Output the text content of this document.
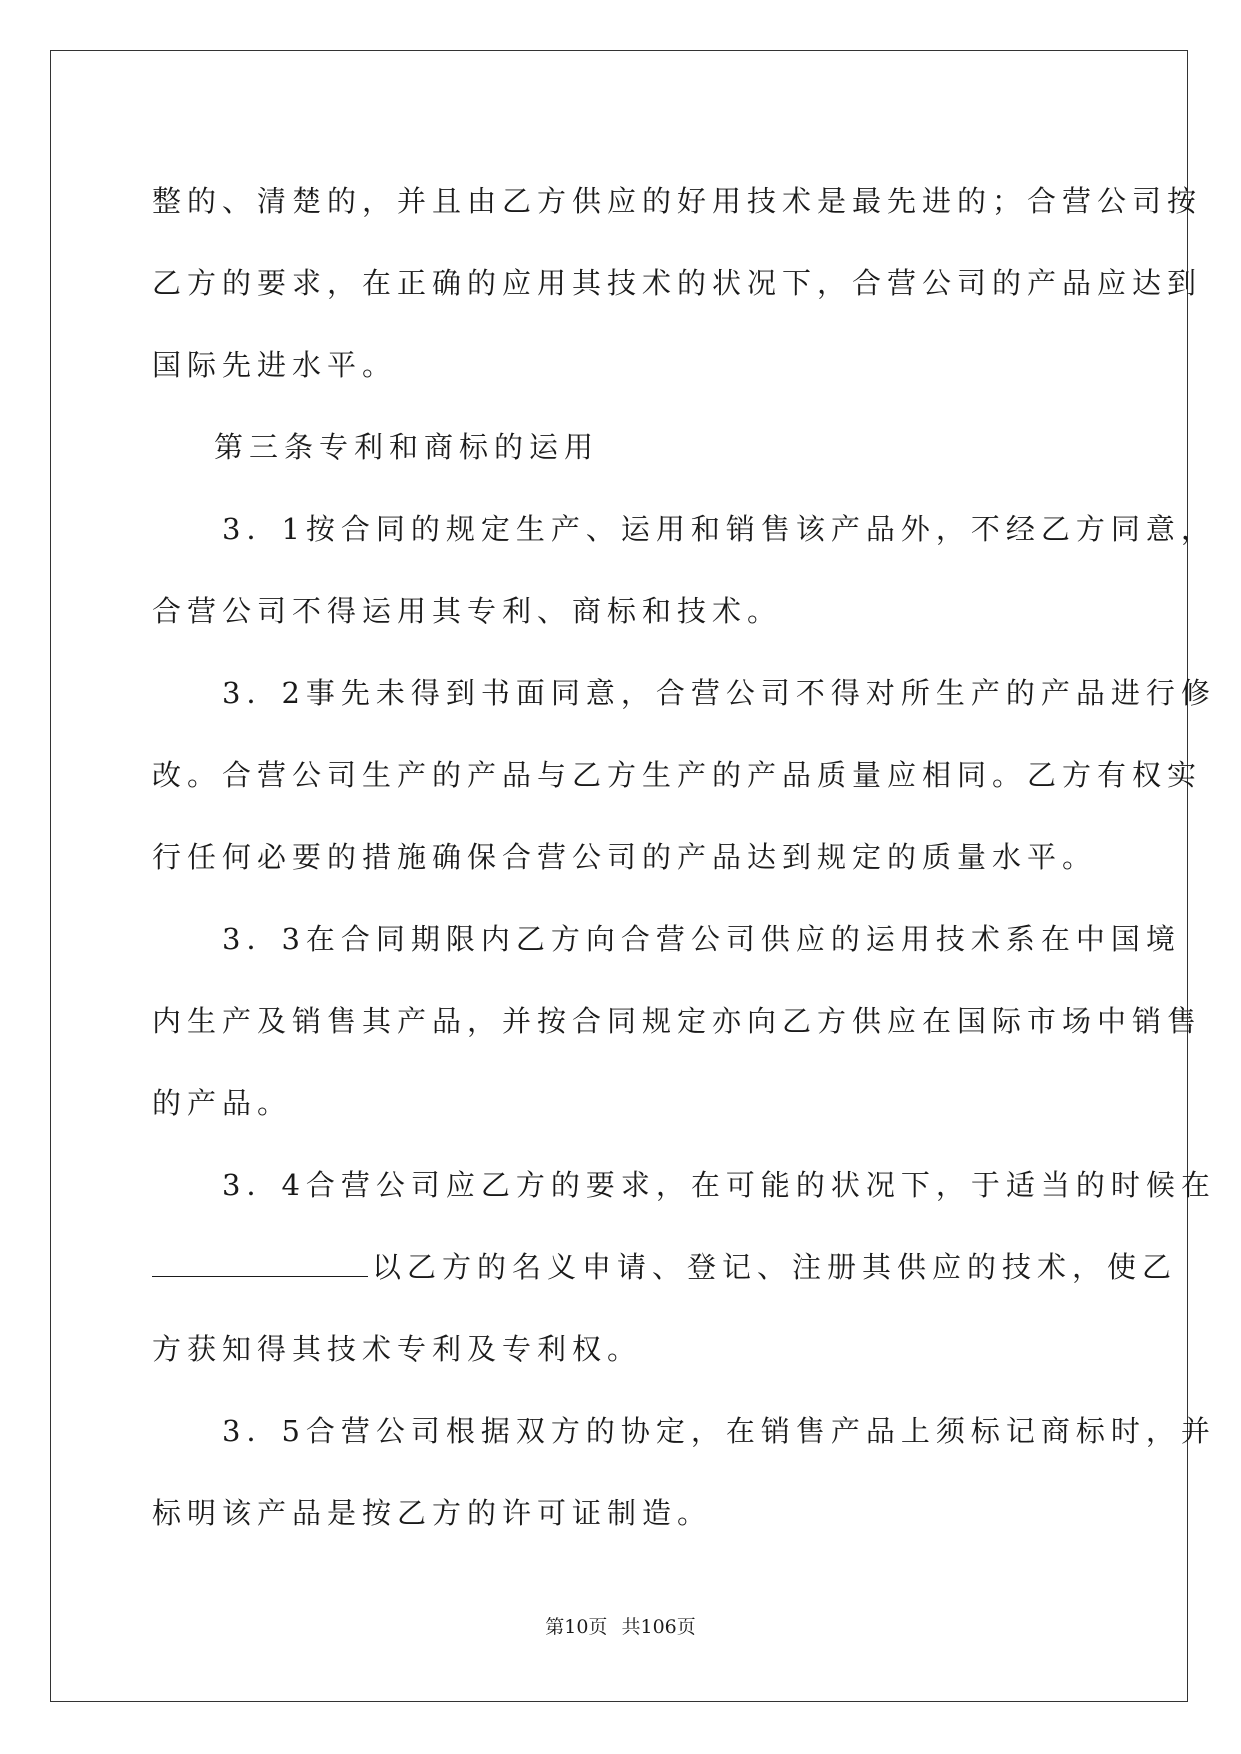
整的、清楚的，并且由乙方供应的好用技术是最先进的；合营公司按
乙方的要求，在正确的应用其技术的状况下，合营公司的产品应达到
国际先进水平。
第三条专利和商标的运用
3．1按合同的规定生产、运用和销售该产品外，不经乙方同意，
合营公司不得运用其专利、商标和技术。
3．2事先未得到书面同意，合营公司不得对所生产的产品进行修
改。合营公司生产的产品与乙方生产的产品质量应相同。乙方有权实
行任何必要的措施确保合营公司的产品达到规定的质量水平。
3．3在合同期限内乙方向合营公司供应的运用技术系在中国境
内生产及销售其产品，并按合同规定亦向乙方供应在国际市场中销售
的产品。
3．4合营公司应乙方的要求，在可能的状况下，于适当的时候在
以乙方的名义申请、登记、注册其供应的技术，使乙
方获知得其技术专利及专利权。
3．5合营公司根据双方的协定，在销售产品上须标记商标时，并
标明该产品是按乙方的许可证制造。
第10页 共106页
